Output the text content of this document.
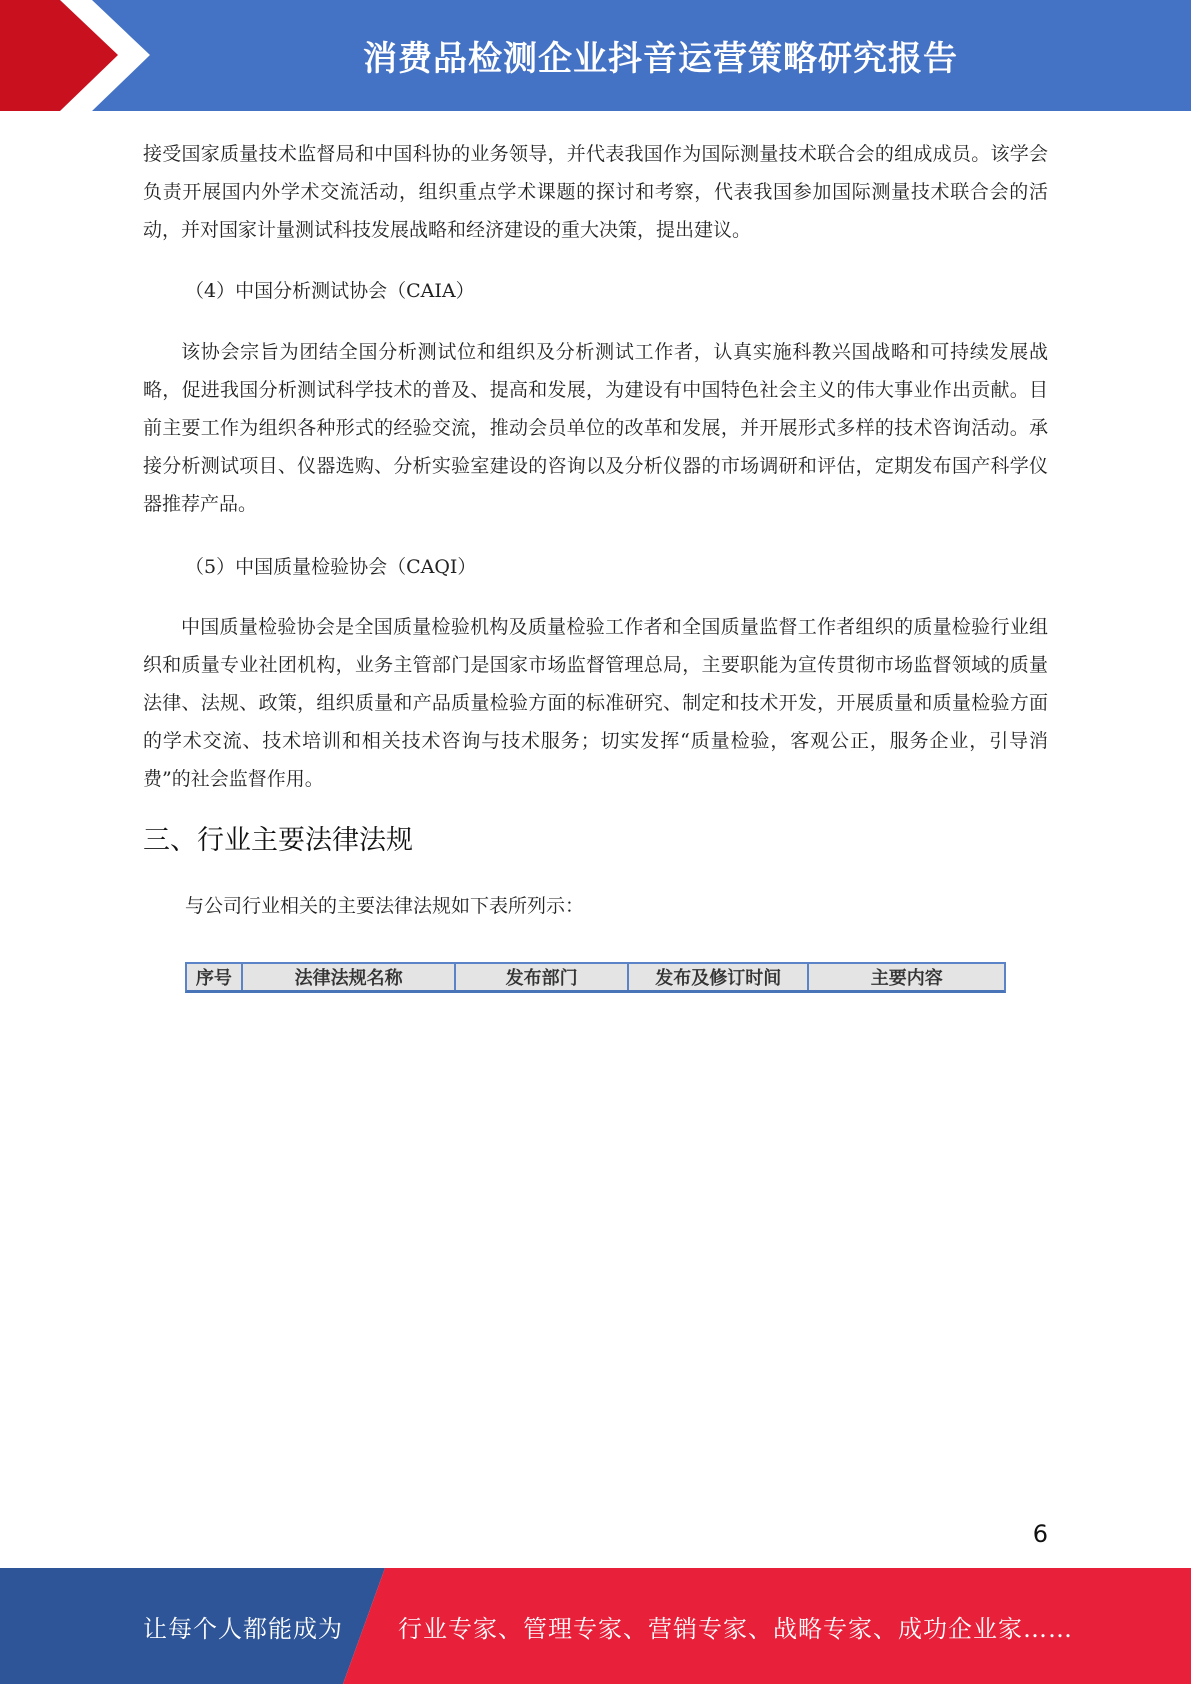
消费品检测企业抖音运营策略研究报告

接受国家质量技术监督局和中国科协的业务领导，并代表我国作为国际测量技术联合会的组成成员。该学会负责开展国内外学术交流活动，组织重点学术课题的探讨和考察，代表我国参加国际测量技术联合会的活动，并对国家计量测试科技发展战略和经济建设的重大决策，提出建议。

（4）中国分析测试协会（CAIA）

该协会宗旨为团结全国分析测试位和组织及分析测试工作者，认真实施科教兴国战略和可持续发展战略，促进我国分析测试科学技术的普及、提高和发展，为建设有中国特色社会主义的伟大事业作出贡献。目前主要工作为组织各种形式的经验交流，推动会员单位的改革和发展，并开展形式多样的技术咨询活动。承接分析测试项目、仪器选购、分析实验室建设的咨询以及分析仪器的市场调研和评估，定期发布国产科学仪器推荐产品。

（5）中国质量检验协会（CAQI）

中国质量检验协会是全国质量检验机构及质量检验工作者和全国质量监督工作者组织的质量检验行业组织和质量专业社团机构，业务主管部门是国家市场监督管理总局，主要职能为宣传贯彻市场监督领域的质量法律、法规、政策，组织质量和产品质量检验方面的标准研究、制定和技术开发，开展质量和质量检验方面的学术交流、技术培训和相关技术咨询与技术服务；切实发挥“质量检验，客观公正，服务企业，引导消费”的社会监督作用。

三、行业主要法律法规

与公司行业相关的主要法律法规如下表所列示：

序号	法律法规名称	发布部门	发布及修订时间	主要内容
6
让每个人都能成为 行业专家、管理专家、营销专家、战略专家、成功企业家……
